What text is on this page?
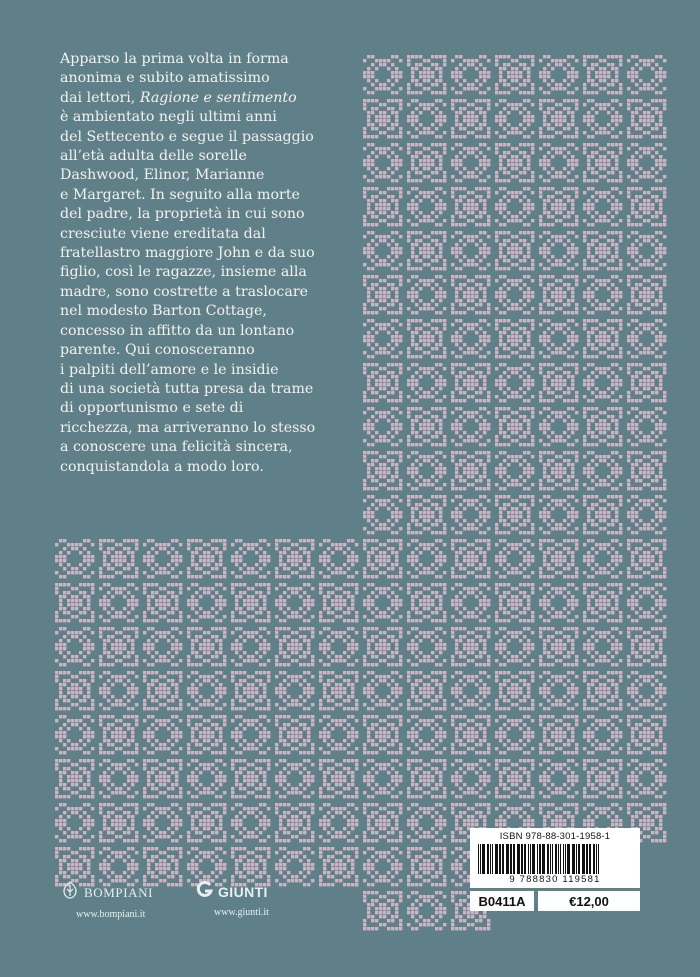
Apparso la prima volta in forma
anonima e subito amatissimo
dai lettori, Ragione e sentimento
è ambientato negli ultimi anni
del Settecento e segue il passaggio
all’età adulta delle sorelle
Dashwood, Elinor, Marianne
e Margaret. In seguito alla morte
del padre, la proprietà in cui sono
cresciute viene ereditata dal
fratellastro maggiore John e da suo
figlio, così le ragazze, insieme alla
madre, sono costrette a traslocare
nel modesto Barton Cottage,
concesso in affitto da un lontano
parente. Qui conosceranno
i palpiti dell’amore e le insidie
di una società tutta presa da trame
di opportunismo e sete di
ricchezza, ma arriveranno lo stesso
a conoscere una felicità sincera,
conquistandola a modo loro.
BOMPIANI
www.bompiani.it
GIUNTI
www.giunti.it
ISBN 978-88-301-1958-1
9 788830 119581
B0411A	€12,00
